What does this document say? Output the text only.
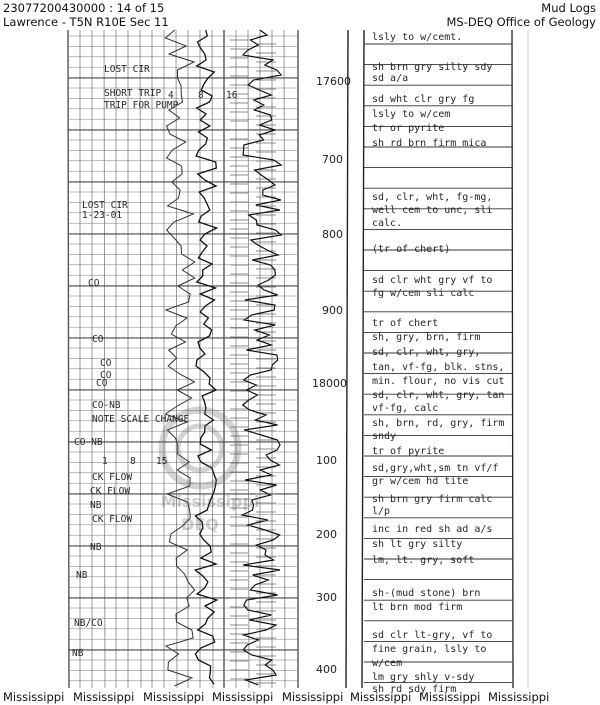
23077200430000 : 14 of 15
Lawrence - T5N R10E Sec 11
Mud Logs
MS-DEQ Office of Geology
Mississippi
DEQ
LOST CIR
SHORT TRIP
TRIP FOR PUMP
LOST CIR
1-23-01
CO
CO
CO
CO
CO
CO-NB
NOTE SCALE CHANGE
CO-NB
CK FLOW
CK FLOW
NB
CK FLOW
NB
NB
NB/CO
NB
4	8 16
1 8 15
17600
700
800
900
18000
100
200
300
400
lsly to w/cemt.
sh brn gry silty sdy
sd a/a
sd wht clr gry fg
lsly to w/cem
tr or pyrite
sh rd brn firm mica
sd, clr, wht, fg-mg,
well cem to unc, sli
calc.
(tr of chert)
sd clr wht gry vf to
fg w/cem sli calc
tr of chert
sh, gry, brn, firm
sd, clr, wht, gry,
tan, vf-fg, blk. stns,
min. flour, no vis cut
sd, clr, wht, gry, tan
vf-fg, calc
sh, brn, rd, gry, firm
sndy
tr of pyrite
sd,gry,wht,sm tn vf/f
gr w/cem hd tite
sh brn gry firm calc
l/p
inc in red sh ad a/s
sh lt gry silty
lm, lt. gry, soft
sh-(mud stone) brn
lt brn mod firm
sd clr lt-gry, vf to
fine grain, lsly to
w/cem
lm gry shly v-sdy
sh rd sdy firm
Mississippi Mississippi Mississippi Mississippi Mississippi Mississippi Mississippi Mississippi
